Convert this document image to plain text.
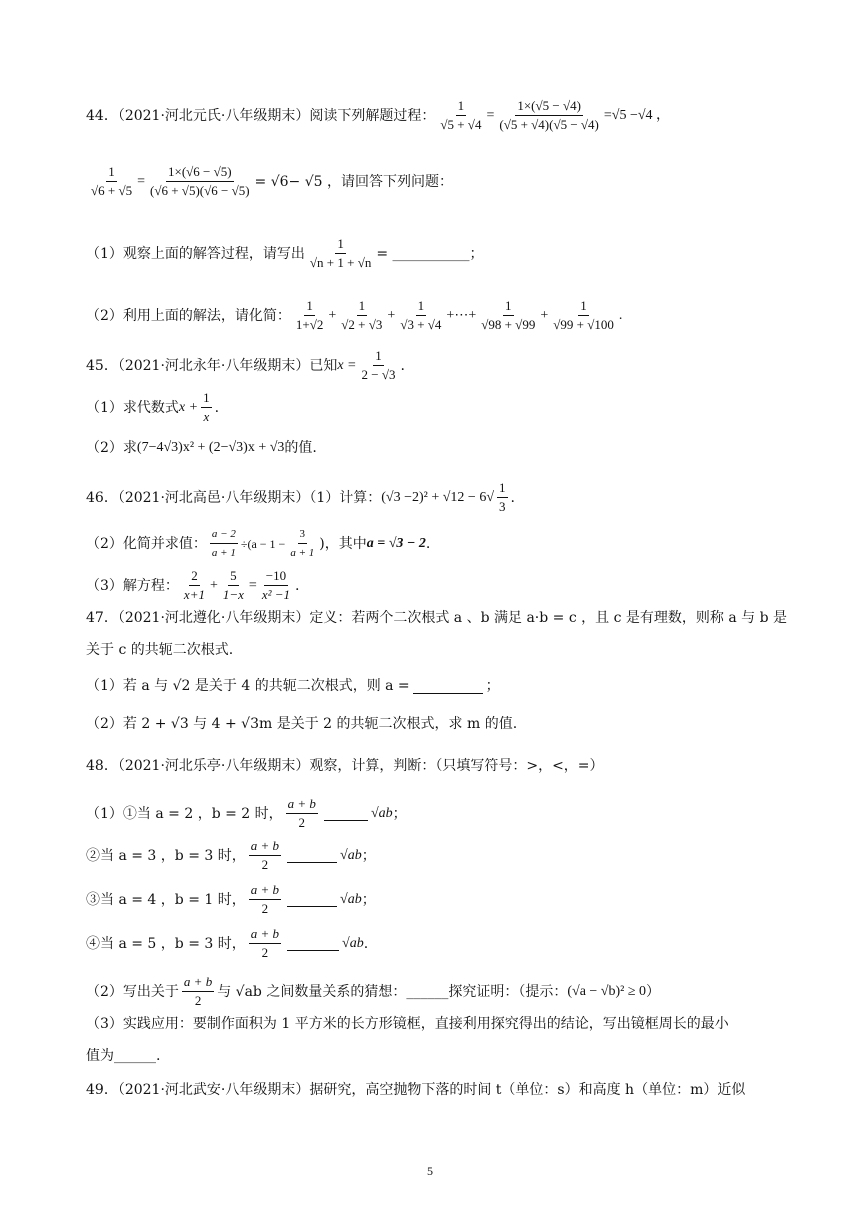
44．（2021·河北元氏·八年级期末）阅读下列解题过程： $\frac{1}{√5 + √4} = \frac{1\times(√5 - √4)}{(√5 + √4)(√5 - √4)} =√5 -√4$ ，
$\frac{1}{√6 + √5} = \frac{1\times(√6 - √5)}{(√6 + √5)(√6 - √5)} = √6- √5$ ，请回答下列问题：
（1）观察上面的解答过程，请写出 $\frac{1}{√n + 1 + √n}$ = ___________；
（2）利用上面的解法，请化简： $\frac{1}{1+√2} + \frac{1}{√2 + √3} + \frac{1}{√3 + √4}$ +⋯+ $\frac{1}{√98 + √99} + \frac{1}{√99 + √100}$ .
45．（2021·河北永年·八年级期末）已知 $x = \frac{1}{2 - √3}$ .
（1）求代数式 $x + \frac{1}{x}$ .
（2）求 (7−4√3)x² + (2−√3)x + √3 的值.
46．（2021·河北高邑·八年级期末）（1）计算： $(√3 -2)^2 + √12 - 6√ \frac{1}{3}$ .
（2）化简并求值： $\frac{a - 2}{a + 1} \div(a - 1 - \frac{3}{a + 1}$ )，其中 a = √3 − 2 .
（3）解方程： $\frac{2}{x+1} + \frac{5}{1-x} = \frac{-10}{\text{x² −1}}$ .
47．（2021·河北遵化·八年级期末）定义：若两个二次根式 a 、b 满足 a·b = c ，且 c 是有理数，则称 a 与 b 是
关于 c 的共轭二次根式.
（1）若 a 与 √2 是关于 4 的共轭二次根式，则 a =	；
（2）若 2 + √3 与 4 + √3m 是关于 2 的共轭二次根式，求 m 的值.
48．（2021·河北乐亭·八年级期末）观察，计算，判断：（只填写符号：>，<，=）
（1）①当 a = 2 ，b = 2 时， $\frac{a + b}{2}$	√ab ；
②当 a = 3 ，b = 3 时， $\frac{a + b}{2}$	√ab ；
③当 a = 4 ，b = 1 时， $\frac{a + b}{2}$	√ab ；
④当 a = 5 ，b = 3 时， $\frac{a + b}{2}$	√ab .
（2）写出关于 $\frac{a + b}{2}$ 与 √ab 之间数量关系的猜想：______探究证明：（提示： (√a − √b)² ≥ 0 ）
（3）实践应用：要制作面积为 1 平方米的长方形镜框，直接利用探究得出的结论，写出镜框周长的最小
值为______.
49．（2021·河北武安·八年级期末）据研究，高空抛物下落的时间 t（单位：s）和高度 h（单位：m）近似
5
